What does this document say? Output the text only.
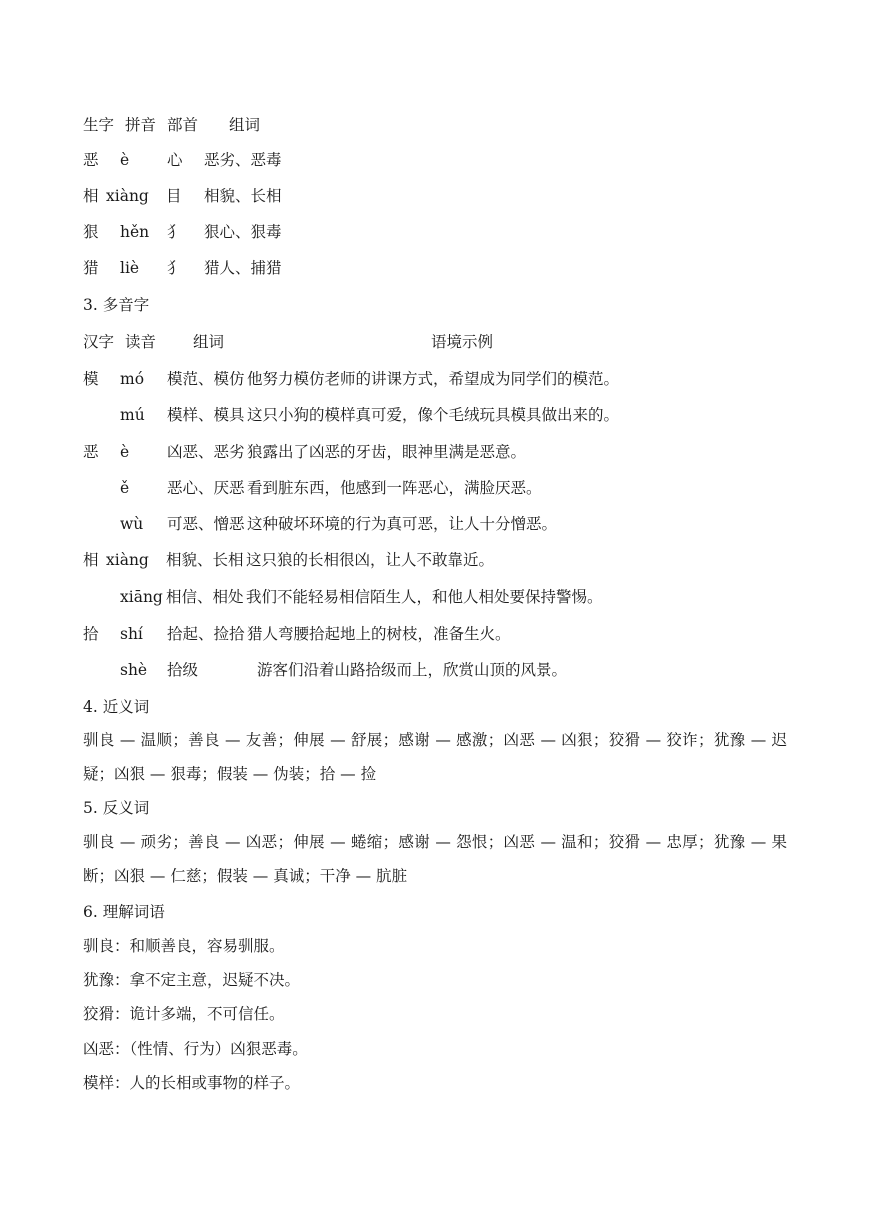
生字 拼音 部首 组词
恶 è 心 恶劣、恶毒
相 xiàng 目 相貌、长相
狠 hěn 犭 狠心、狠毒
猎 liè 犭 猎人、捕猎
3. 多音字
汉字 读音 组词	语境示例
模 mó 模范、模仿 他努力模仿老师的讲课方式，希望成为同学们的模范。
mú 模样、模具 这只小狗的模样真可爱，像个毛绒玩具模具做出来的。
恶 è 凶恶、恶劣 狼露出了凶恶的牙齿，眼神里满是恶意。
ě 恶心、厌恶 看到脏东西，他感到一阵恶心，满脸厌恶。
wù 可恶、憎恶 这种破坏环境的行为真可恶，让人十分憎恶。
相 xiàng 相貌、长相 这只狼的长相很凶，让人不敢靠近。
xiāng 相信、相处 我们不能轻易相信陌生人，和他人相处要保持警惕。
拾 shí 拾起、捡拾 猎人弯腰拾起地上的树枝，准备生火。
shè 拾级	游客们沿着山路拾级而上，欣赏山顶的风景。
4. 近义词
驯良 — 温顺；善良 — 友善；伸展 — 舒展；感谢 — 感激；凶恶 — 凶狠；狡猾 — 狡诈；犹豫 — 迟疑；凶狠 — 狠毒；假装 — 伪装；拾 — 捡
5. 反义词
驯良 — 顽劣；善良 — 凶恶；伸展 — 蜷缩；感谢 — 怨恨；凶恶 — 温和；狡猾 — 忠厚；犹豫 — 果断；凶狠 — 仁慈；假装 — 真诚；干净 — 肮脏
6. 理解词语
驯良：和顺善良，容易驯服。
犹豫：拿不定主意，迟疑不决。
狡猾：诡计多端，不可信任。
凶恶：（性情、行为）凶狠恶毒。
模样：人的长相或事物的样子。
